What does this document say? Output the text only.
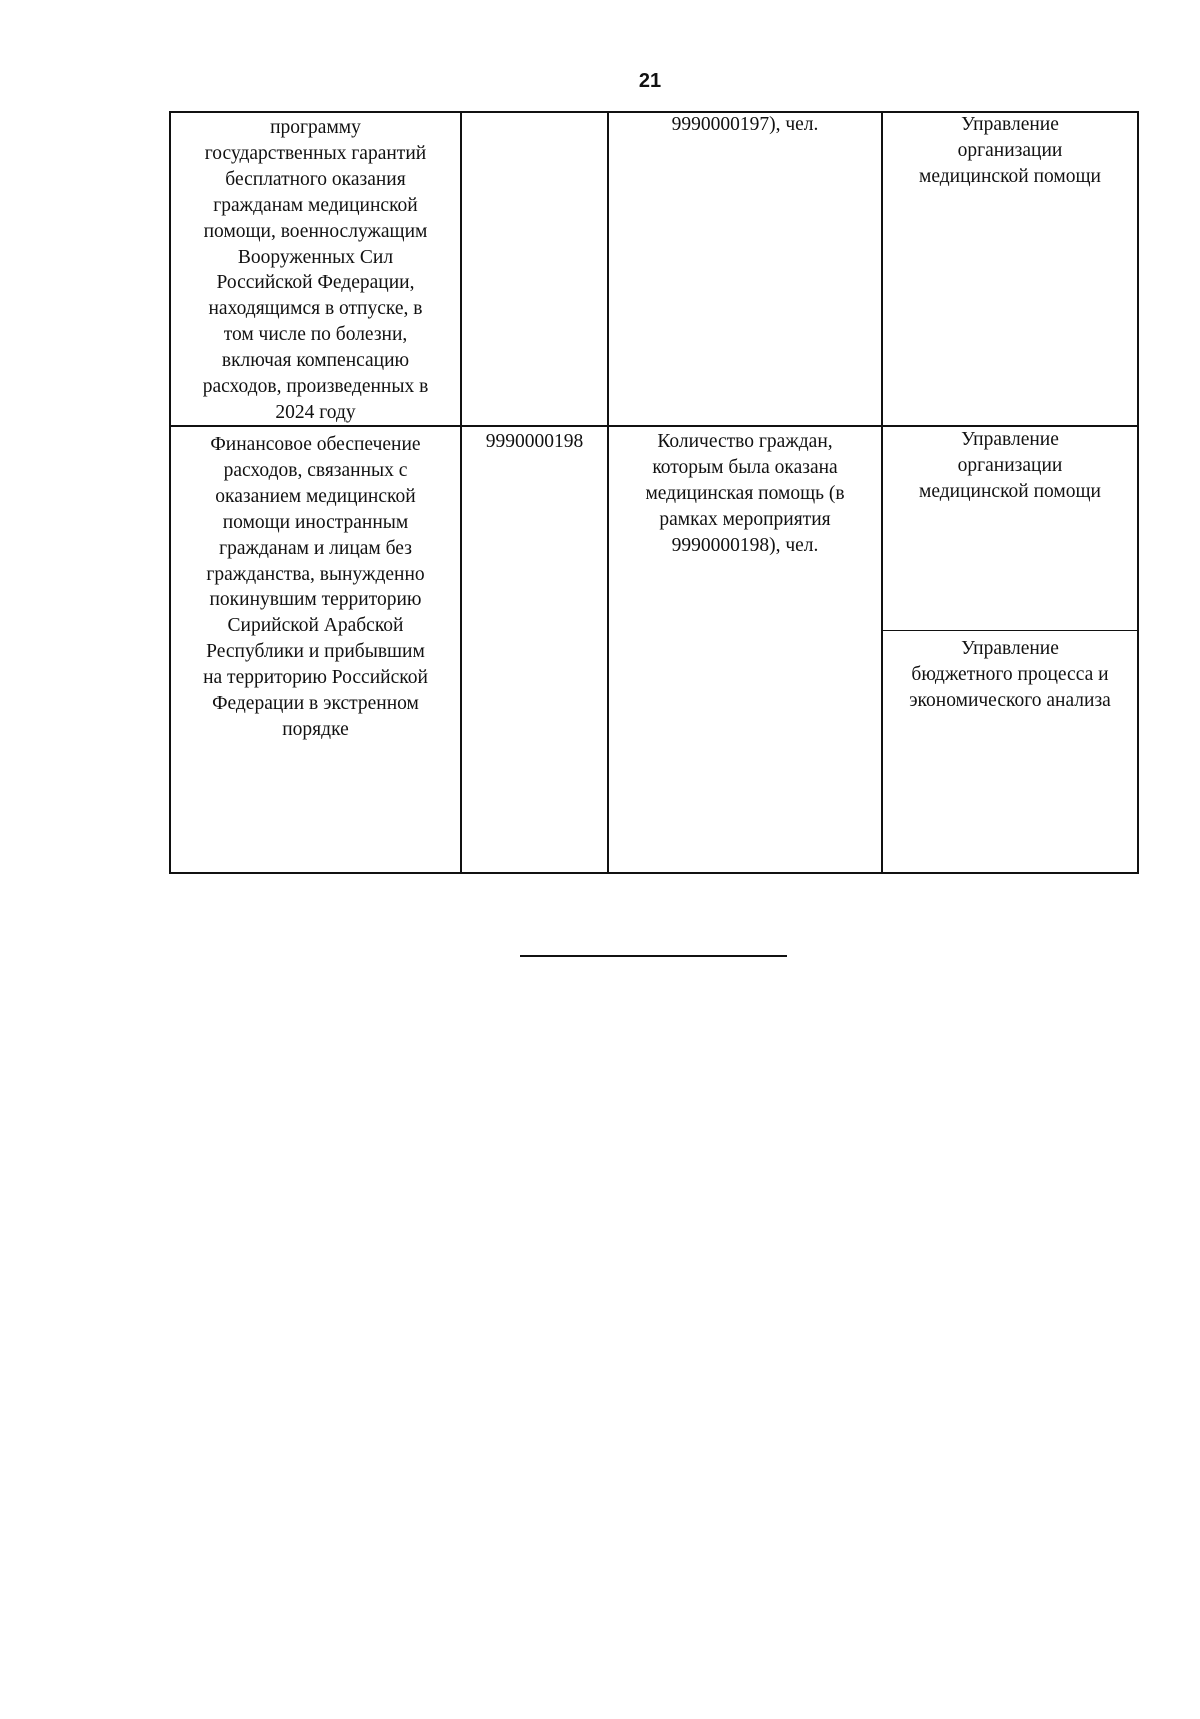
21
программу
государственных гарантий
бесплатного оказания
гражданам медицинской
помощи, военнослужащим
Вооруженных Сил
Российской Федерации,
находящимся в отпуске, в
том числе по болезни,
включая компенсацию
расходов, произведенных в
2024 году
9990000197), чел.	Управление
организации
медицинской помощи
Финансовое обеспечение
расходов, связанных с
оказанием медицинской
помощи иностранным
гражданам и лицам без
гражданства, вынужденно
покинувшим территорию
Сирийской Арабской
Республики и прибывшим
на территорию Российской
Федерации в экстренном
порядке
9990000198	Количество граждан,
которым была оказана
медицинская помощь (в
рамках мероприятия
9990000198), чел.
Управление
организации
медицинской помощи
Управление
бюджетного процесса и
экономического анализа
